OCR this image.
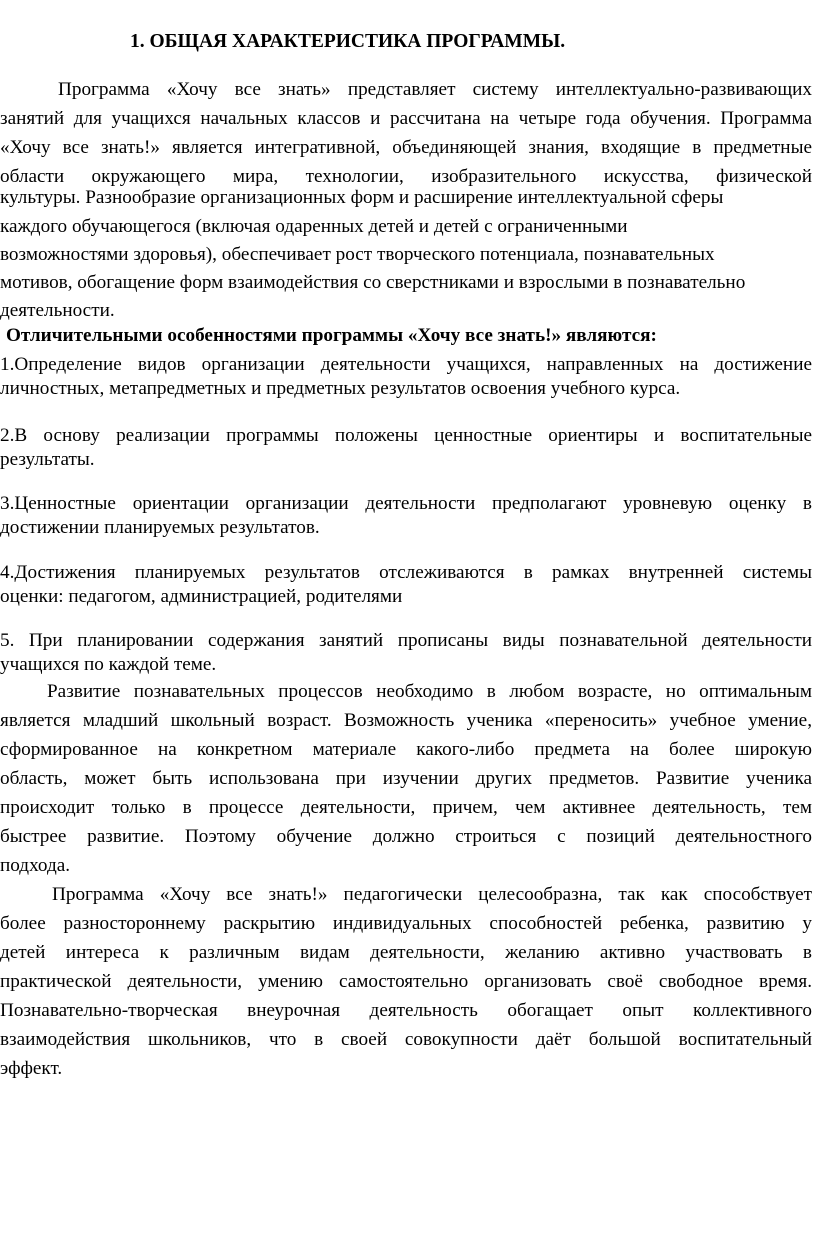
1. ОБЩАЯ ХАРАКТЕРИСТИКА ПРОГРАММЫ.
Программа «Хочу все знать» представляет систему интеллектуально-развивающих
занятий для учащихся начальных классов и рассчитана на четыре года обучения. Программа
«Хочу все знать!» является интегративной, объединяющей знания, входящие в предметные
области окружающего мира, технологии, изобразительного искусства, физической
культуры. Разнообразие организационных форм и расширение интеллектуальной сферы
каждого обучающегося (включая одаренных детей и детей с ограниченными
возможностями здоровья), обеспечивает рост творческого потенциала, познавательных
мотивов, обогащение форм взаимодействия со сверстниками и взрослыми в познавательно
деятельности.
Отличительными особенностями программы «Хочу все знать!» являются:
1.Определение видов организации деятельности учащихся, направленных на достижение
личностных, метапредметных и предметных результатов освоения учебного курса.
2.В основу реализации программы положены ценностные ориентиры и воспитательные
результаты.
3.Ценностные ориентации организации деятельности предполагают уровневую оценку в
достижении планируемых результатов.
4.Достижения планируемых результатов отслеживаются в рамках внутренней системы
оценки: педагогом, администрацией, родителями
5. При планировании содержания занятий прописаны виды познавательной деятельности
учащихся по каждой теме.
Развитие познавательных процессов необходимо в любом возрасте, но оптимальным
является младший школьный возраст. Возможность ученика «переносить» учебное умение,
сформированное на конкретном материале какого-либо предмета на более широкую
область, может быть использована при изучении других предметов. Развитие ученика
происходит только в процессе деятельности, причем, чем активнее деятельность, тем
быстрее развитие. Поэтому обучение должно строиться с позиций деятельностного
подхода.
Программа «Хочу все знать!» педагогически целесообразна, так как способствует
более разностороннему раскрытию индивидуальных способностей ребенка, развитию у
детей интереса к различным видам деятельности, желанию активно участвовать в
практической деятельности, умению самостоятельно организовать своё свободное время.
Познавательно-творческая внеурочная деятельность обогащает опыт коллективного
взаимодействия школьников, что в своей совокупности даёт большой воспитательный
эффект.
